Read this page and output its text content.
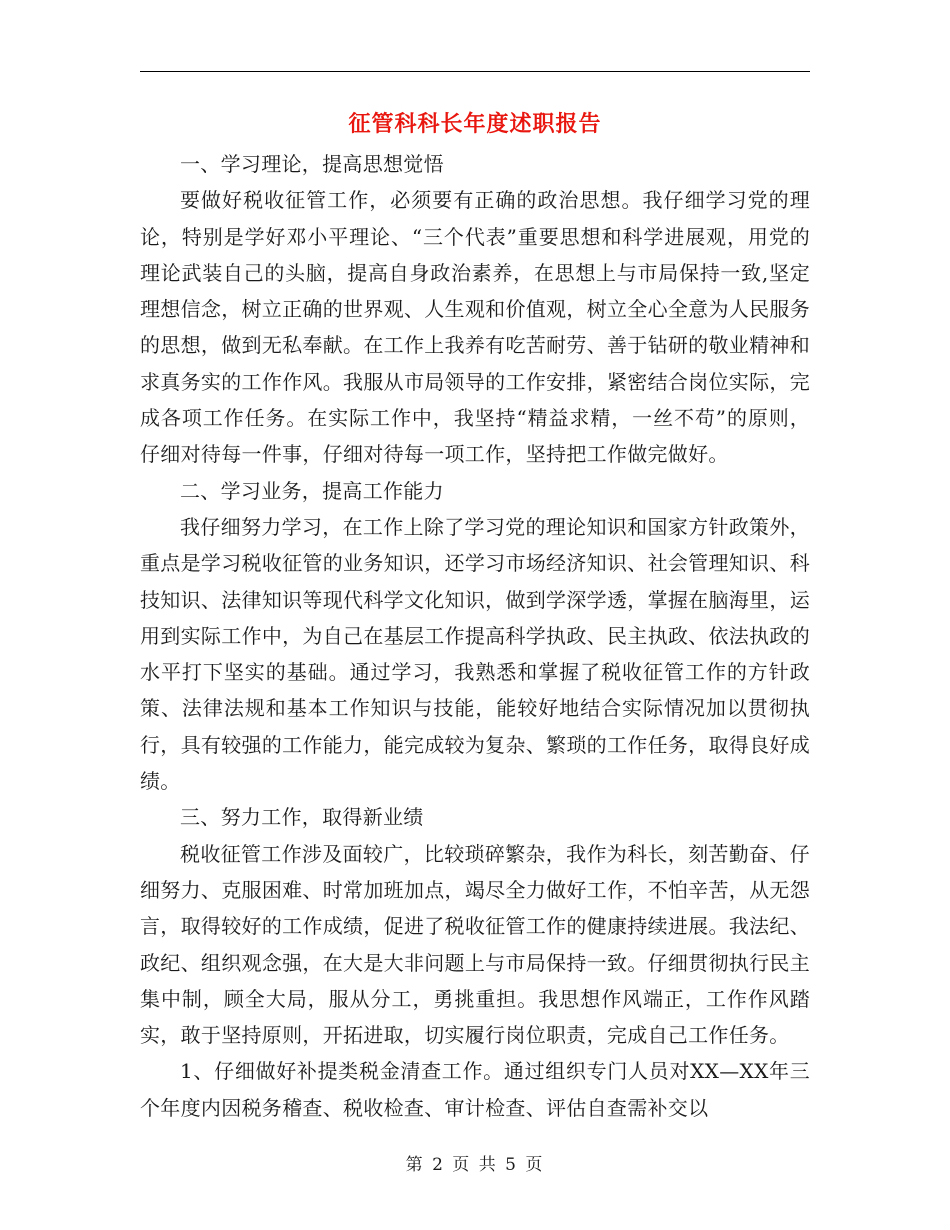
征管科科长年度述职报告

一、学习理论，提高思想觉悟

要做好税收征管工作，必须要有正确的政治思想。我仔细学习党的理论，特别是学好邓小平理论、“三个代表”重要思想和科学进展观，用党的理论武装自己的头脑，提高自身政治素养，在思想上与市局保持一致,坚定理想信念，树立正确的世界观、人生观和价值观，树立全心全意为人民服务的思想，做到无私奉献。在工作上我养有吃苦耐劳、善于钻研的敬业精神和求真务实的工作作风。我服从市局领导的工作安排，紧密结合岗位实际，完成各项工作任务。在实际工作中，我坚持“精益求精，一丝不苟”的原则，仔细对待每一件事，仔细对待每一项工作，坚持把工作做完做好。

二、学习业务，提高工作能力

我仔细努力学习，在工作上除了学习党的理论知识和国家方针政策外，重点是学习税收征管的业务知识，还学习市场经济知识、社会管理知识、科技知识、法律知识等现代科学文化知识，做到学深学透，掌握在脑海里，运用到实际工作中，为自己在基层工作提高科学执政、民主执政、依法执政的水平打下坚实的基础。通过学习，我熟悉和掌握了税收征管工作的方针政策、法律法规和基本工作知识与技能，能较好地结合实际情况加以贯彻执行，具有较强的工作能力，能完成较为复杂、繁琐的工作任务，取得良好成绩。

三、努力工作，取得新业绩

税收征管工作涉及面较广，比较琐碎繁杂，我作为科长，刻苦勤奋、仔细努力、克服困难、时常加班加点，竭尽全力做好工作，不怕辛苦，从无怨言，取得较好的工作成绩，促进了税收征管工作的健康持续进展。我法纪、政纪、组织观念强，在大是大非问题上与市局保持一致。仔细贯彻执行民主集中制，顾全大局，服从分工，勇挑重担。我思想作风端正，工作作风踏实，敢于坚持原则，开拓进取，切实履行岗位职责，完成自己工作任务。

1、仔细做好补提类税金清查工作。通过组织专门人员对XX—XX年三个年度内因税务稽查、税收检查、审计检查、评估自查需补交以

第 2 页 共 5 页
